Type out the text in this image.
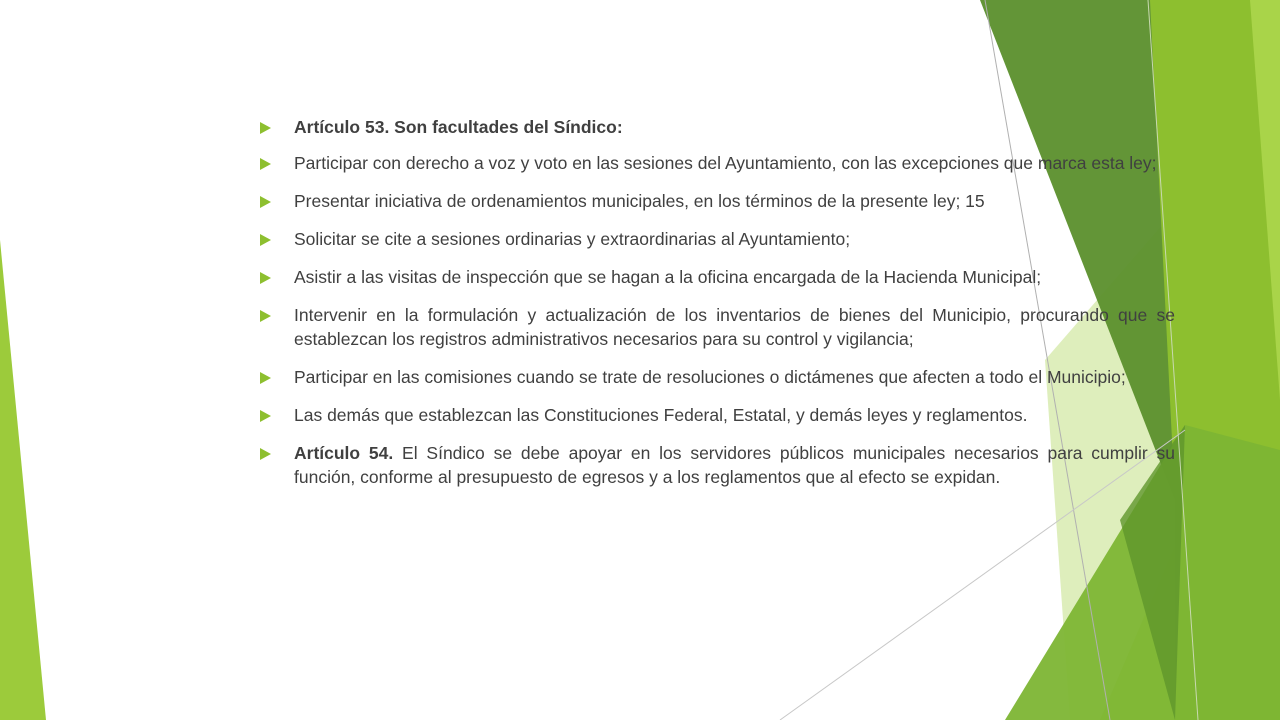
Artículo 53. Son facultades del Síndico:
Participar con derecho a voz y voto en las sesiones del Ayuntamiento, con las excepciones que marca esta ley;
Presentar iniciativa de ordenamientos municipales, en los términos de la presente ley; 15
Solicitar se cite a sesiones ordinarias y extraordinarias al Ayuntamiento;
Asistir a las visitas de inspección que se hagan a la oficina encargada de la Hacienda Municipal;
Intervenir en la formulación y actualización de los inventarios de bienes del Municipio, procurando que se establezcan los registros administrativos necesarios para su control y vigilancia;
Participar en las comisiones cuando se trate de resoluciones o dictámenes que afecten a todo el Municipio;
Las demás que establezcan las Constituciones Federal, Estatal, y demás leyes y reglamentos.
Artículo 54. El Síndico se debe apoyar en los servidores públicos municipales necesarios para cumplir su función, conforme al presupuesto de egresos y a los reglamentos que al efecto se expidan.
